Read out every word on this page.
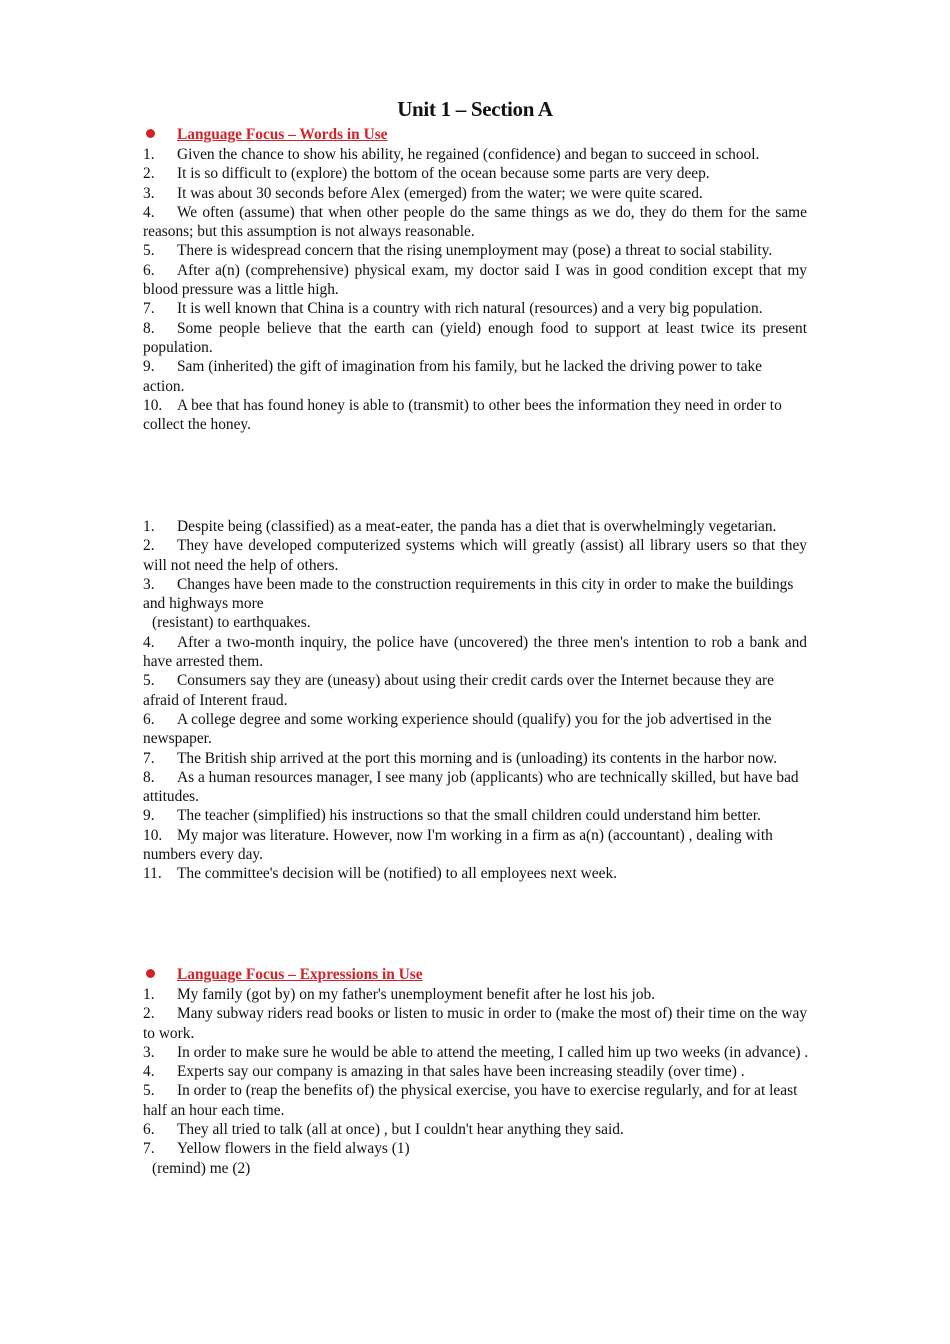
Unit 1 – Section A
Language Focus – Words in Use

1. Given the chance to show his ability, he regained (confidence) and began to succeed in school.

2. It is so difficult to (explore) the bottom of the ocean because some parts are very deep.

3. It was about 30 seconds before Alex (emerged) from the water; we were quite scared.

4. We often (assume) that when other people do the same things as we do, they do them for the same reasons; but this assumption is not always reasonable.

5. There is widespread concern that the rising unemployment may (pose) a threat to social stability.

6. After a(n) (comprehensive) physical exam, my doctor said I was in good condition except that my blood pressure was a little high.

7. It is well known that China is a country with rich natural (resources) and a very big population.

8. Some people believe that the earth can (yield) enough food to support at least twice its present population.

9. Sam (inherited) the gift of imagination from his family, but he lacked the driving power to take action.

10. A bee that has found honey is able to (transmit) to other bees the information they need in order to collect the honey.

1. Despite being (classified) as a meat-eater, the panda has a diet that is overwhelmingly vegetarian.

2. They have developed computerized systems which will greatly (assist) all library users so that they will not need the help of others.

3. Changes have been made to the construction requirements in this city in order to make the buildings and highways more
(resistant) to earthquakes.

4. After a two-month inquiry, the police have (uncovered) the three men's intention to rob a bank and have arrested them.

5. Consumers say they are (uneasy) about using their credit cards over the Internet because they are afraid of Interent fraud.

6. A college degree and some working experience should (qualify) you for the job advertised in the newspaper.

7. The British ship arrived at the port this morning and is (unloading) its contents in the harbor now.

8. As a human resources manager, I see many job (applicants) who are technically skilled, but have bad attitudes.

9. The teacher (simplified) his instructions so that the small children could understand him better.

10. My major was literature. However, now I'm working in a firm as a(n) (accountant) , dealing with numbers every day.

11. The committee's decision will be (notified) to all employees next week.

Language Focus – Expressions in Use

1. My family (got by) on my father's unemployment benefit after he lost his job.

2. Many subway riders read books or listen to music in order to (make the most of) their time on the way to work.

3. In order to make sure he would be able to attend the meeting, I called him up two weeks (in advance) .

4. Experts say our company is amazing in that sales have been increasing steadily (over time) .

5. In order to (reap the benefits of) the physical exercise, you have to exercise regularly, and for at least half an hour each time.

6. They all tried to talk (all at once) , but I couldn't hear anything they said.

7. Yellow flowers in the field always (1)
(remind) me (2)
